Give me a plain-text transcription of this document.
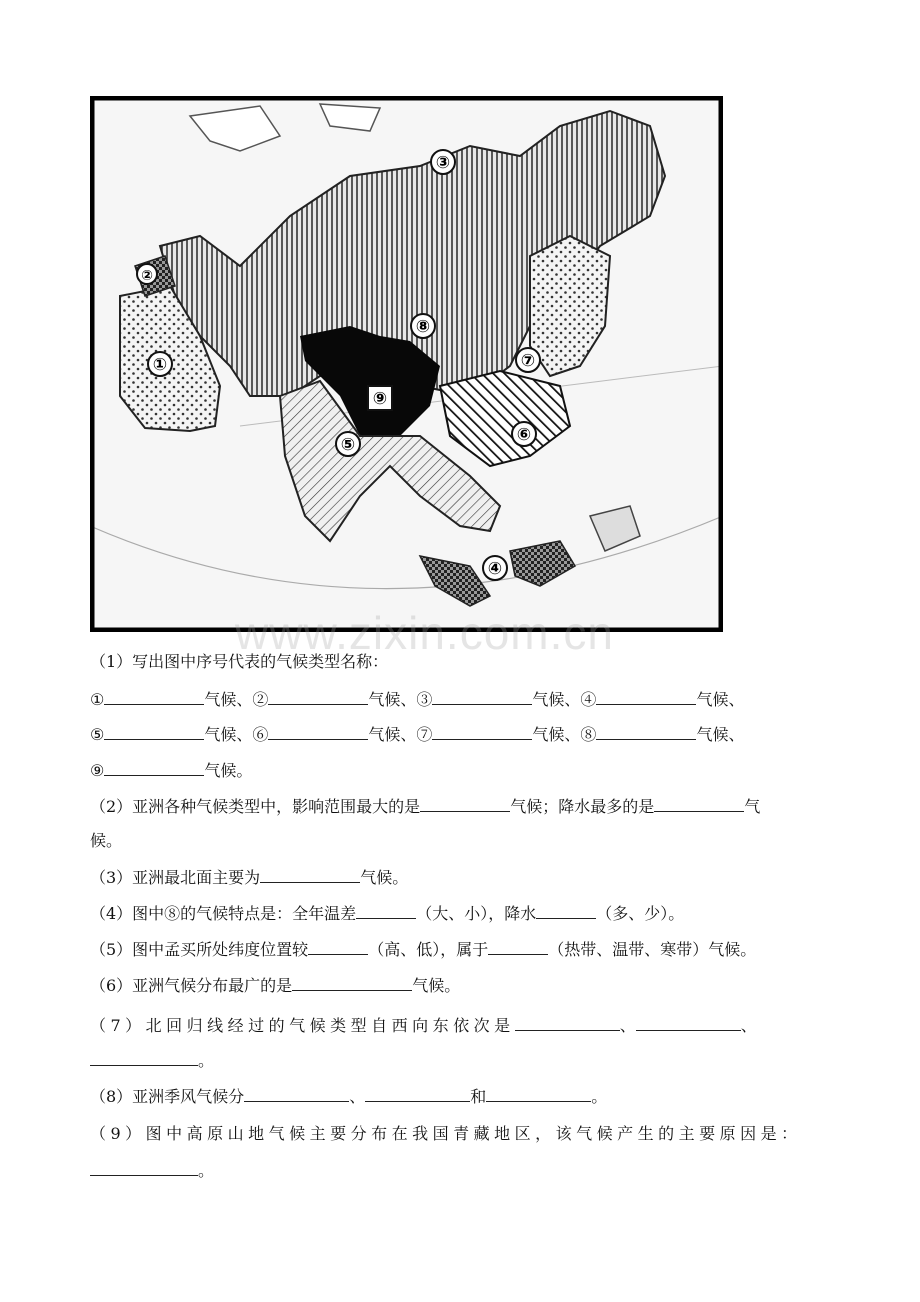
①
②
③
④
⑤	⑥
⑦
⑧
⑨
www.zixin.com.cn
（1）写出图中序号代表的气候类型名称：
①	气候、②	气候、③	气候、④	气候、
⑤	气候、⑥	气候、⑦	气候、⑧	气候、
⑨	气候。
（2）亚洲各种气候类型中，影响范围最大的是	气候；降水最多的是	气
候。
（3）亚洲最北面主要为	气候。
（4）图中⑧的气候特点是：全年温差	（大、小），降水	（多、少）。
（5）图中孟买所处纬度位置较	（高、低），属于	（热带、温带、寒带）气候。
（6）亚洲气候分布最广的是	气候。
（7）北回归线经过的气候类型自西向东依次是	、	、
。
（8）亚洲季风气候分	、	和	。
（9）图中高原山地气候主要分布在我国青藏地区，该气候产生的主要原因是：
。
